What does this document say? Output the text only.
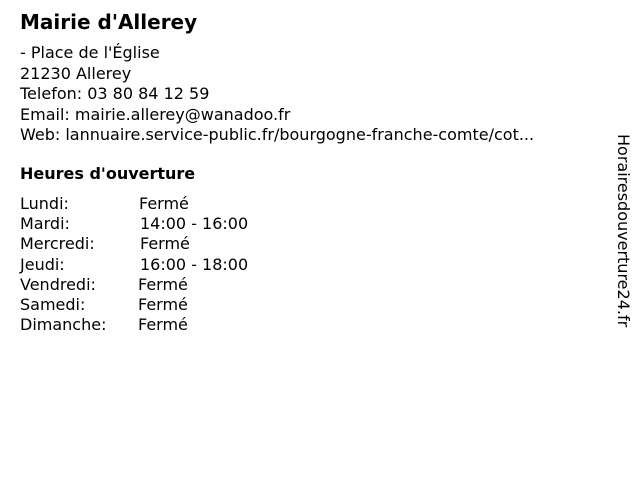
Mairie d'Allerey
- Place de l'Église
21230 Allerey
Telefon: 03 80 84 12 59
Email: mairie.allerey@wanadoo.fr
Web: lannuaire.service-public.fr/bourgogne-franche-comte/cot...
Heures d'ouverture
Lundi:	Fermé
Mardi:	14:00 - 16:00
Mercredi:	Fermé
Jeudi:	16:00 - 18:00
Vendredi:	Fermé
Samedi:	Fermé
Dimanche: Fermé	Horairesdouverture24.fr
